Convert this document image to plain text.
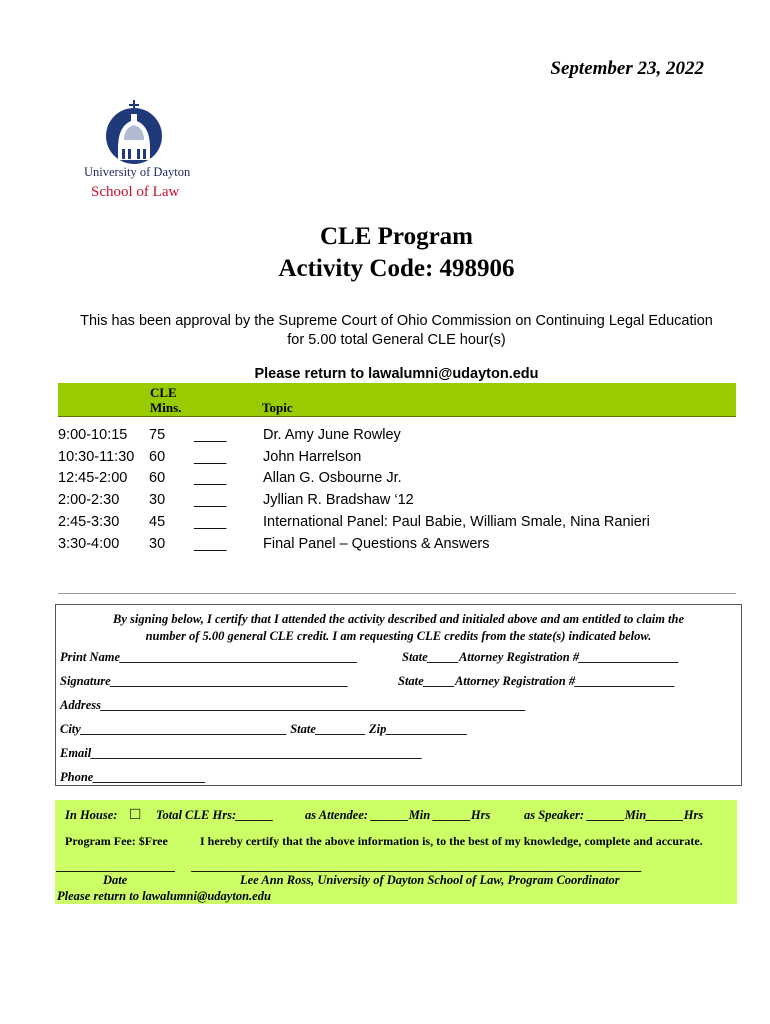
September 23, 2022
University of Dayton
School of Law
CLE Program
Activity Code: 498906
This has been approval by the Supreme Court of Ohio Commission on Continuing Legal Education
for 5.00 total General CLE hour(s)
Please return to lawalumni@udayton.edu
CLE
Mins.	Topic
9:00-10:15 75 ____	Dr. Amy June Rowley
10:30-11:30 60 ____	John Harrelson
12:45-2:00 60 ____	Allan G. Osbourne Jr.
2:00-2:30 30 ____	Jyllian R. Bradshaw ‘12
2:45-3:30 45 ____	International Panel: Paul Babie, William Smale, Nina Ranieri
3:30-4:00 30 ____	Final Panel – Questions & Answers
By signing below, I certify that I attended the activity described and initialed above and am entitled to claim the
number of 5.00 general CLE credit. I am requesting CLE credits from the state(s) indicated below.
Print Name______________________________________	State_____Attorney Registration #________________
Signature______________________________________	State_____Attorney Registration #________________
Address____________________________________________________________________
City_________________________________ State________ Zip_____________
Email_____________________________________________________
Phone__________________
In House: □ Total CLE Hrs:______	as Attendee: ______Min ______Hrs	as Speaker: ______Min______Hrs
Program Fee: $Free	I hereby certify that the above information is, to the best of my knowledge, complete and accurate.
___________________ ________________________________________________________________________
Date	Lee Ann Ross, University of Dayton School of Law, Program Coordinator
Please return to lawalumni@udayton.edu
